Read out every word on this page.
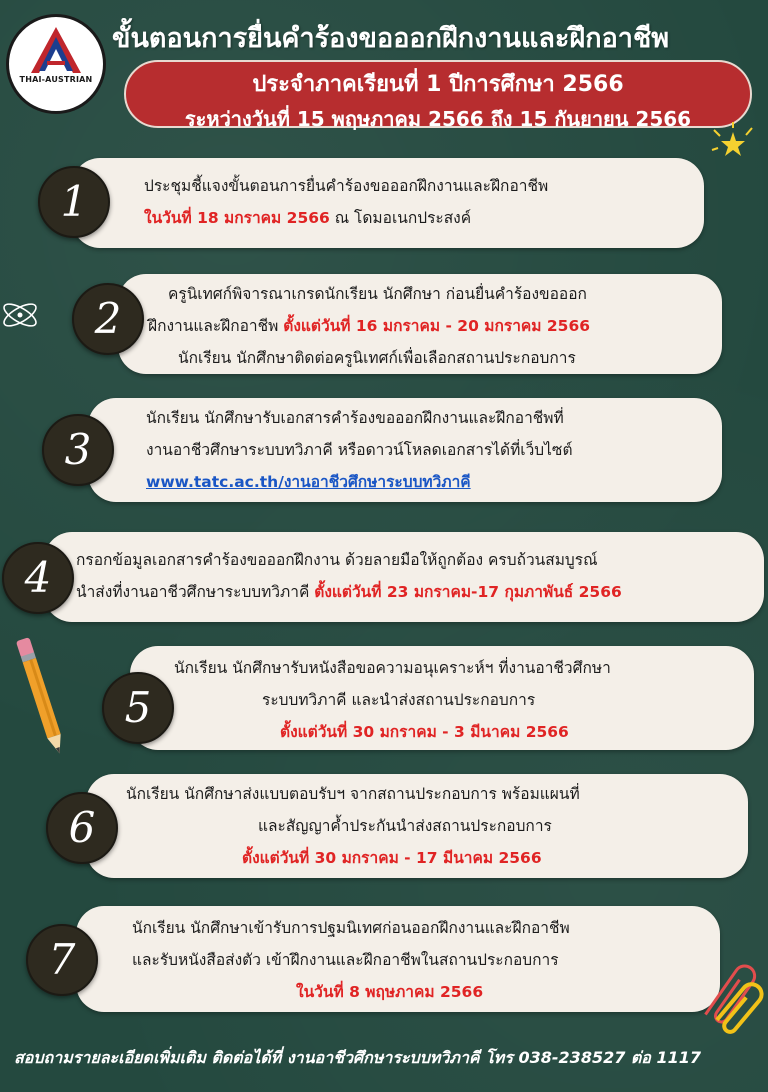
THAI-AUSTRIAN
ขั้นตอนการยื่นคำร้องขอออกฝึกงานและฝึกอาชีพ
ประจำภาคเรียนที่ 1 ปีการศึกษา 2566
ระหว่างวันที่ 15 พฤษภาคม 2566 ถึง 15 กันยายน 2566
ประชุมชี้แจงขั้นตอนการยื่นคำร้องขอออกฝึกงานและฝึกอาชีพ
ในวันที่ 18 มกราคม 2566 ณ โดมอเนกประสงค์
1
ครูนิเทศก์พิจารณาเกรดนักเรียน นักศึกษา ก่อนยื่นคำร้องขอออก
ฝึกงานและฝึกอาชีพ ตั้งแต่วันที่ 16 มกราคม - 20 มกราคม 2566
นักเรียน นักศึกษาติดต่อครูนิเทศก์เพื่อเลือกสถานประกอบการ
2
นักเรียน นักศึกษารับเอกสารคำร้องขอออกฝึกงานและฝึกอาชีพที่
งานอาชีวศึกษาระบบทวิภาคี หรือดาวน์โหลดเอกสารได้ที่เว็บไซต์
www.tatc.ac.th/งานอาชีวศึกษาระบบทวิภาคี
3
กรอกข้อมูลเอกสารคำร้องขอออกฝึกงาน ด้วยลายมือให้ถูกต้อง ครบถ้วนสมบูรณ์
นำส่งที่งานอาชีวศึกษาระบบทวิภาคี ตั้งแต่วันที่ 23 มกราคม-17 กุมภาพันธ์ 2566
4
นักเรียน นักศึกษารับหนังสือขอความอนุเคราะห์ฯ ที่งานอาชีวศึกษา
ระบบทวิภาคี และนำส่งสถานประกอบการ
ตั้งแต่วันที่ 30 มกราคม - 3 มีนาคม 2566
5
นักเรียน นักศึกษาส่งแบบตอบรับฯ จากสถานประกอบการ พร้อมแผนที่
และสัญญาค้ำประกันนำส่งสถานประกอบการ
ตั้งแต่วันที่ 30 มกราคม - 17 มีนาคม 2566
6
นักเรียน นักศึกษาเข้ารับการปฐมนิเทศก่อนออกฝึกงานและฝึกอาชีพ
และรับหนังสือส่งตัว เข้าฝึกงานและฝึกอาชีพในสถานประกอบการ
ในวันที่ 8 พฤษภาคม 2566
7
สอบถามรายละเอียดเพิ่มเติม ติดต่อได้ที่ งานอาชีวศึกษาระบบทวิภาคี โทร 038-238527 ต่อ 1117
